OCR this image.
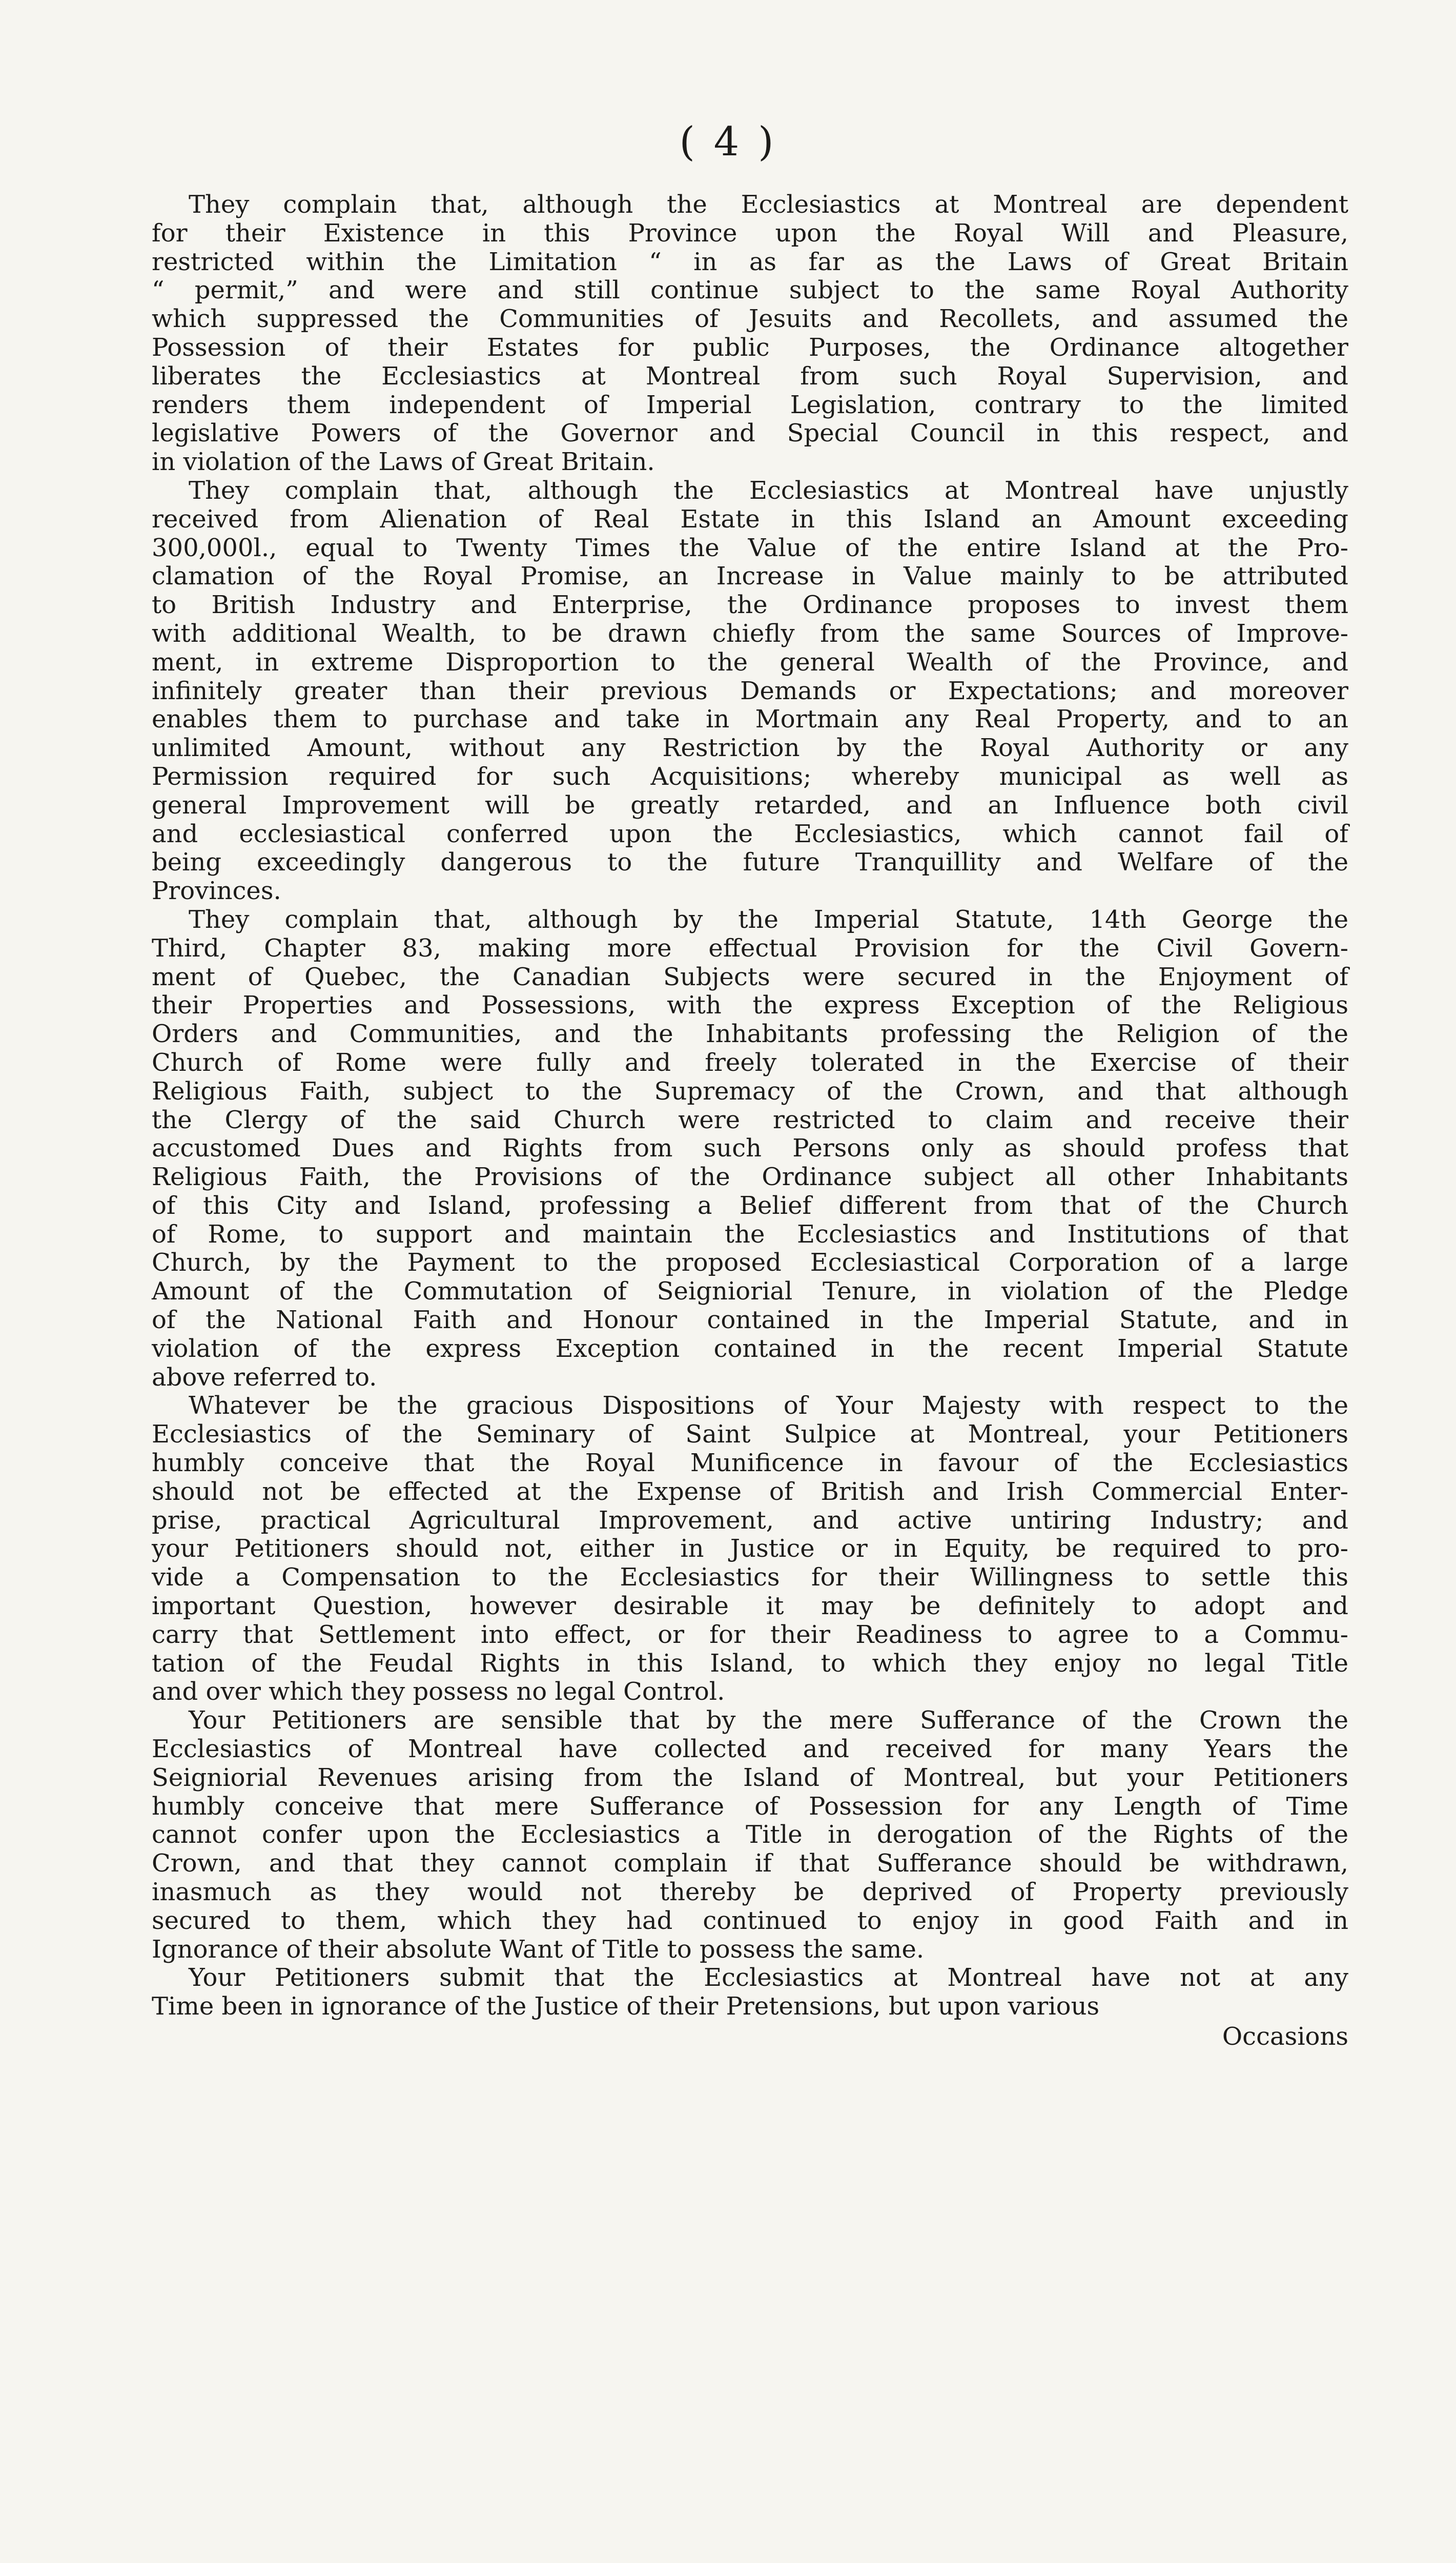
( 4 )
They complain that, although the Ecclesiastics at Montreal are dependent
for their Existence in this Province upon the Royal Will and Pleasure,
restricted within the Limitation “ in as far as the Laws of Great Britain
“ permit,” and were and still continue subject to the same Royal Authority
which suppressed the Communities of Jesuits and Recollets, and assumed the
Possession of their Estates for public Purposes, the Ordinance altogether
liberates the Ecclesiastics at Montreal from such Royal Supervision, and
renders them independent of Imperial Legislation, contrary to the limited
legislative Powers of the Governor and Special Council in this respect, and
in violation of the Laws of Great Britain.
They complain that, although the Ecclesiastics at Montreal have unjustly
received from Alienation of Real Estate in this Island an Amount exceeding
300,000l., equal to Twenty Times the Value of the entire Island at the Pro-
clamation of the Royal Promise, an Increase in Value mainly to be attributed
to British Industry and Enterprise, the Ordinance proposes to invest them
with additional Wealth, to be drawn chiefly from the same Sources of Improve-
ment, in extreme Disproportion to the general Wealth of the Province, and
infinitely greater than their previous Demands or Expectations; and moreover
enables them to purchase and take in Mortmain any Real Property, and to an
unlimited Amount, without any Restriction by the Royal Authority or any
Permission required for such Acquisitions; whereby municipal as well as
general Improvement will be greatly retarded, and an Influence both civil
and ecclesiastical conferred upon the Ecclesiastics, which cannot fail of
being exceedingly dangerous to the future Tranquillity and Welfare of the
Provinces.
They complain that, although by the Imperial Statute, 14th George the
Third, Chapter 83, making more effectual Provision for the Civil Govern-
ment of Quebec, the Canadian Subjects were secured in the Enjoyment of
their Properties and Possessions, with the express Exception of the Religious
Orders and Communities, and the Inhabitants professing the Religion of the
Church of Rome were fully and freely tolerated in the Exercise of their
Religious Faith, subject to the Supremacy of the Crown, and that although
the Clergy of the said Church were restricted to claim and receive their
accustomed Dues and Rights from such Persons only as should profess that
Religious Faith, the Provisions of the Ordinance subject all other Inhabitants
of this City and Island, professing a Belief different from that of the Church
of Rome, to support and maintain the Ecclesiastics and Institutions of that
Church, by the Payment to the proposed Ecclesiastical Corporation of a large
Amount of the Commutation of Seigniorial Tenure, in violation of the Pledge
of the National Faith and Honour contained in the Imperial Statute, and in
violation of the express Exception contained in the recent Imperial Statute
above referred to.
Whatever be the gracious Dispositions of Your Majesty with respect to the
Ecclesiastics of the Seminary of Saint Sulpice at Montreal, your Petitioners
humbly conceive that the Royal Munificence in favour of the Ecclesiastics
should not be effected at the Expense of British and Irish Commercial Enter-
prise, practical Agricultural Improvement, and active untiring Industry; and
your Petitioners should not, either in Justice or in Equity, be required to pro-
vide a Compensation to the Ecclesiastics for their Willingness to settle this
important Question, however desirable it may be definitely to adopt and
carry that Settlement into effect, or for their Readiness to agree to a Commu-
tation of the Feudal Rights in this Island, to which they enjoy no legal Title
and over which they possess no legal Control.
Your Petitioners are sensible that by the mere Sufferance of the Crown the
Ecclesiastics of Montreal have collected and received for many Years the
Seigniorial Revenues arising from the Island of Montreal, but your Petitioners
humbly conceive that mere Sufferance of Possession for any Length of Time
cannot confer upon the Ecclesiastics a Title in derogation of the Rights of the
Crown, and that they cannot complain if that Sufferance should be withdrawn,
inasmuch as they would not thereby be deprived of Property previously
secured to them, which they had continued to enjoy in good Faith and in
Ignorance of their absolute Want of Title to possess the same.
Your Petitioners submit that the Ecclesiastics at Montreal have not at any
Time been in ignorance of the Justice of their Pretensions, but upon various
Occasions
